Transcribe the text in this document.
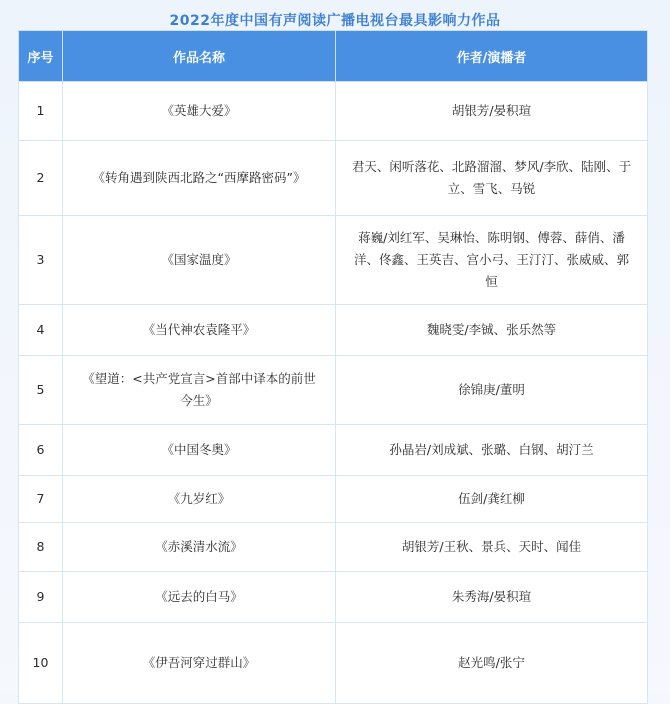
2022年度中国有声阅读广播电视台最具影响力作品
序号	作品名称	作者/演播者
1	《英雄大爱》	胡银芳/晏积瑄
2	《转角遇到陕西北路之“西摩路密码”》	君天、闲听落花、北路溜溜、梦风/李欣、陆刚、于立、雪飞、马锐
3	《国家温度》	蒋巍/刘红军、吴琳怡、陈明钢、傅蓉、薛俏、潘洋、佟鑫、王英吉、宫小弓、王汀汀、张威威、郭恒
4	《当代神农袁隆平》	魏晓雯/李铖、张乐然等
5	《望道：<共产党宣言>首部中译本的前世今生》	徐锦庚/董明
6	《中国冬奥》	孙晶岩/刘成斌、张璐、白钢、胡汀兰
7	《九岁红》	伍剑/龚红柳
8	《赤溪清水流》	胡银芳/王秋、景兵、天时、闻佳
9	《远去的白马》	朱秀海/晏积瑄
10	《伊吾河穿过群山》	赵光鸣/张宁
